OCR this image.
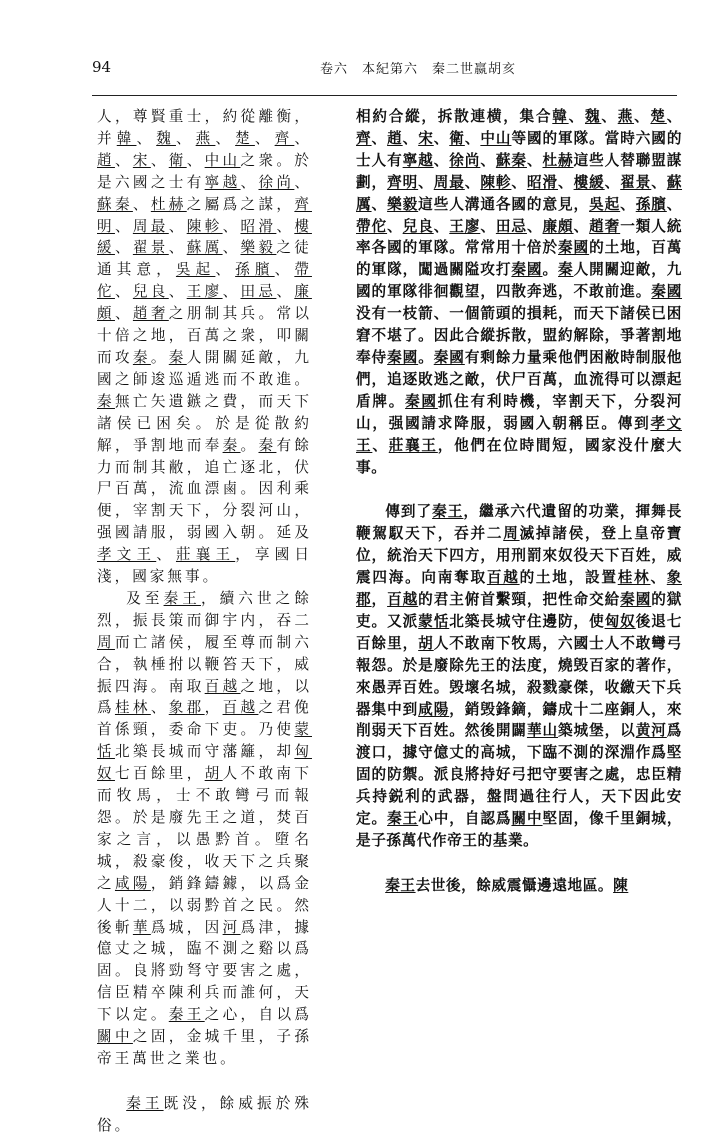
94	卷六　本紀第六　秦二世嬴胡亥

人，尊賢重士，約從離衡，并韓、魏、燕、楚、齊、趙、宋、衛、中山之衆。於是六國之士有寧越、徐尚、蘇秦、杜赫之屬爲之謀，齊明、周最、陳軫、昭滑、樓緩、翟景、蘇厲、樂毅之徒通其意，吳起、孫臏、帶佗、兒良、王廖、田忌、廉頗、趙奢之朋制其兵。常以十倍之地，百萬之衆，叩關而攻秦。秦人開關延敵，九國之師逡巡遁逃而不敢進。秦無亡矢遺鏃之費，而天下諸侯已困矣。於是從散約解，爭割地而奉秦。秦有餘力而制其敝，追亡逐北，伏尸百萬，流血漂鹵。因利乘便，宰割天下，分裂河山，强國請服，弱國入朝。延及孝文王、莊襄王，享國日淺，國家無事。

及至秦王，續六世之餘烈，振長策而御宇内，吞二周而亡諸侯，履至尊而制六合，執棰拊以鞭笞天下，威振四海。南取百越之地，以爲桂林、象郡，百越之君俛首係頸，委命下吏。乃使蒙恬北築長城而守藩籬，却匈奴七百餘里，胡人不敢南下而牧馬，士不敢彎弓而報怨。於是廢先王之道，焚百家之言，以愚黔首。墮名城，殺豪俊，收天下之兵聚之咸陽，銷鋒鑄鐻，以爲金人十二，以弱黔首之民。然後斬華爲城，因河爲津，據億丈之城，臨不測之谿以爲固。良將勁弩守要害之處，信臣精卒陳利兵而誰何，天下以定。秦王之心，自以爲關中之固，金城千里，子孫帝王萬世之業也。

秦王既没，餘威振於殊俗。

相約合縱，拆散連横，集合韓、魏、燕、楚、齊、趙、宋、衛、中山等國的軍隊。當時六國的士人有寧越、徐尚、蘇秦、杜赫這些人替聯盟謀劃，齊明、周最、陳軫、昭滑、樓緩、翟景、蘇厲、樂毅這些人溝通各國的意見，吳起、孫臏、帶佗、兒良、王廖、田忌、廉頗、趙奢一類人統率各國的軍隊。常常用十倍於秦國的土地，百萬的軍隊，闖過關隘攻打秦國。秦人開關迎敵，九國的軍隊徘徊觀望，四散奔逃，不敢前進。秦國没有一枝箭、一個箭頭的損耗，而天下諸侯已困窘不堪了。因此合縱拆散，盟約解除，爭著割地奉侍秦國。秦國有剩餘力量乘他們困敝時制服他們，追逐敗逃之敵，伏尸百萬，血流得可以漂起盾牌。秦國抓住有利時機，宰割天下，分裂河山，强國請求降服，弱國入朝稱臣。傳到孝文王、莊襄王，他們在位時間短，國家没什麼大事。

傳到了秦王，繼承六代遺留的功業，揮舞長鞭駕馭天下，吞并二周滅掉諸侯，登上皇帝寶位，統治天下四方，用刑罰來奴役天下百姓，威震四海。向南奪取百越的土地，設置桂林、象郡，百越的君主俯首繫頸，把性命交給秦國的獄吏。又派蒙恬北築長城守住邊防，使匈奴後退七百餘里，胡人不敢南下牧馬，六國士人不敢彎弓報怨。於是廢除先王的法度，燒毁百家的著作，來愚弄百姓。毁壞名城，殺戮豪傑，收繳天下兵器集中到咸陽，銷毁鋒鏑，鑄成十二座銅人，來削弱天下百姓。然後開闢華山築城堡，以黄河爲渡口，據守億丈的高城，下臨不測的深淵作爲堅固的防禦。派良將持好弓把守要害之處，忠臣精兵持鋭利的武器，盤問過往行人，天下因此安定。秦王心中，自認爲關中堅固，像千里銅城，是子孫萬代作帝王的基業。

秦王去世後，餘威震懾邊遠地區。陳
